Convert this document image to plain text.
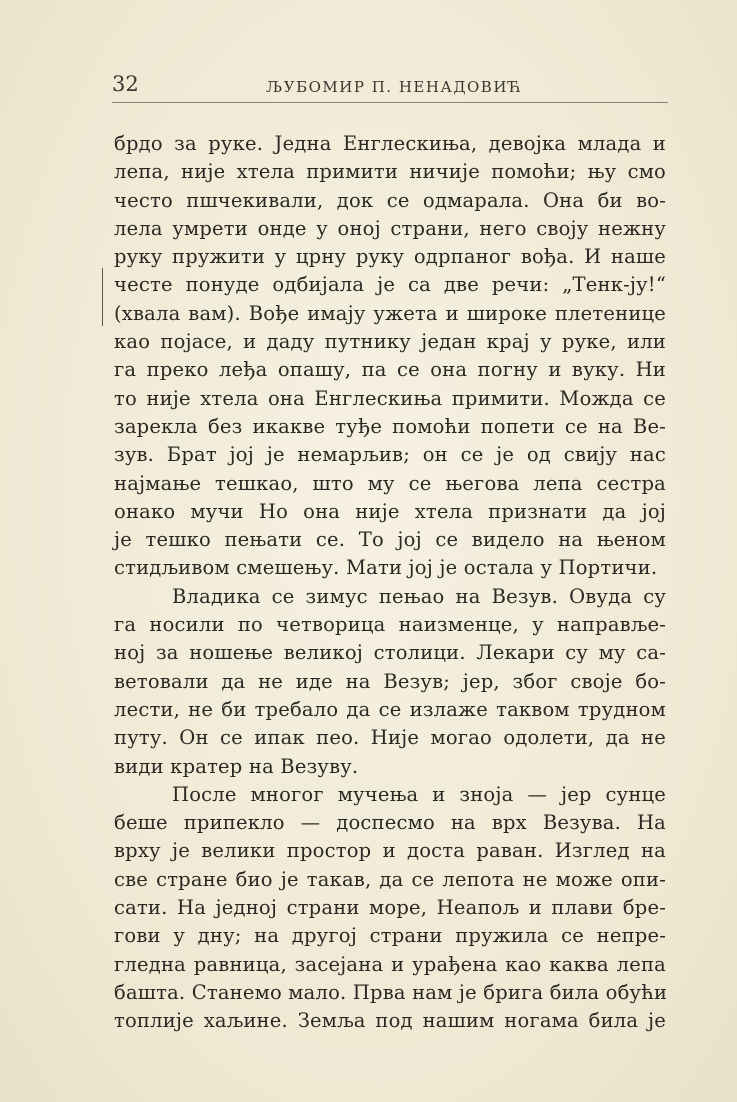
32	ЉУБОМИР П. НЕНАДОВИЋ
брдо за руке. Једна Енглескиња, девојка млада и
лепа, није хтела примити ничије помоћи; њу смо
често пшчекивали, док се одмарала. Она би во-
лела умрети онде у оној страни, него своју нежну
руку пружити у црну руку одрпаног вођа. И наше
честе понуде одбијала је са две речи: „Тенк-ју!“
(хвала вам). Вође имају ужета и широке плетенице
као појасе, и даду путнику један крај у руке, или
га преко леђа опашу, па се она погну и вуку. Ни
то није хтела она Енглескиња примити. Можда се
зарекла без икакве туђе помоћи попети се на Ве-
зув. Брат јој је немарљив; он се је од свију нас
најмање тешкао, што му се његова лепа сестра
онако мучи Но она није хтела признати да јој
је тешко пењати се. То јој се видело на њеном
стидљивом смешењу. Мати јој је остала у Портичи.
Владика се зимус пењао на Везув. Овуда су
га носили по четворица наизменце, у направље-
ној за ношење великој столици. Лекари су му са-
ветовали да не иде на Везув; јер, због своје бо-
лести, не би требало да се излаже таквом трудном
путу. Он се ипак пео. Није могао одолети, да не
види кратер на Везуву.
После многог мучења и зноја — јер сунце
беше припекло — доспесмо на врх Везува. На
врху је велики простор и доста раван. Изглед на
све стране био је такав, да се лепота не може опи-
сати. На једној страни море, Неапољ и плави бре-
гови у дну; на другој страни пружила се непре-
гледна равница, засејана и урађена као каква лепа
башта. Станемо мало. Прва нам је брига била обући
топлије хаљине. Земља под нашим ногама била је
